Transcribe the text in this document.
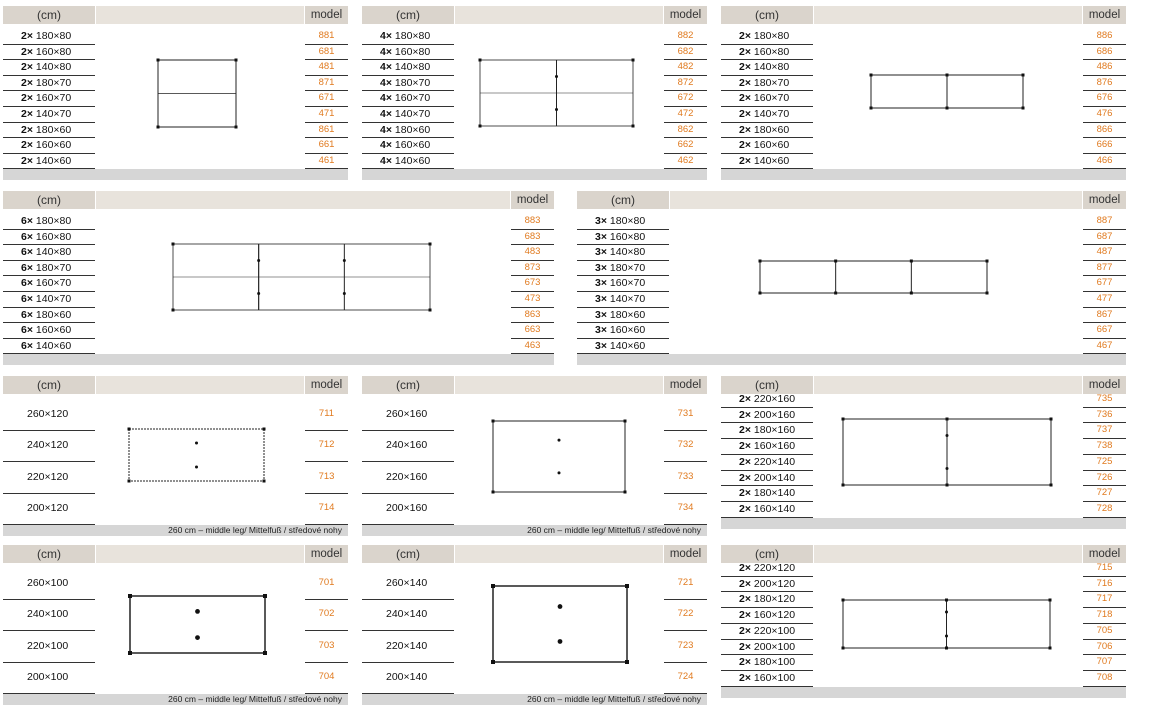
(cm)	model
2× 180×80	881
2× 160×80	681
2× 140×80	481
2× 180×70	871
2× 160×70	671
2× 140×70	471
2× 180×60	861
2× 160×60	661
2× 140×60	461
(cm)	model
4× 180×80	882
4× 160×80	682
4× 140×80	482
4× 180×70	872
4× 160×70	672
4× 140×70	472
4× 180×60	862
4× 160×60	662
4× 140×60	462
(cm)	model
2× 180×80	886
2× 160×80	686
2× 140×80	486
2× 180×70	876
2× 160×70	676
2× 140×70	476
2× 180×60	866
2× 160×60	666
2× 140×60	466
(cm)	model
6× 180×80	883
6× 160×80	683
6× 140×80	483
6× 180×70	873
6× 160×70	673
6× 140×70	473
6× 180×60	863
6× 160×60	663
6× 140×60	463
(cm)	model
3× 180×80	887
3× 160×80	687
3× 140×80	487
3× 180×70	877
3× 160×70	677
3× 140×70	477
3× 180×60	867
3× 160×60	667
3× 140×60	467
(cm)	model
260×120	711
240×120	712
220×120	713
200×120	714
260 cm – middle leg/ Mittelfuß / středové nohy
(cm)	model
260×160	731
240×160	732
220×160	733
200×160	734
260 cm – middle leg/ Mittelfuß / středové nohy
(cm)	model
2× 220×160	735
2× 200×160	736
2× 180×160	737
2× 160×160	738
2× 220×140	725
2× 200×140	726
2× 180×140	727
2× 160×140	728
(cm)	model
260×100	701
240×100	702
220×100	703
200×100	704
260 cm – middle leg/ Mittelfuß / středové nohy
(cm)	model
260×140	721
240×140	722
220×140	723
200×140	724
260 cm – middle leg/ Mittelfuß / středové nohy
(cm)	model
2× 220×120	715
2× 200×120	716
2× 180×120	717
2× 160×120	718
2× 220×100	705
2× 200×100	706
2× 180×100	707
2× 160×100	708
